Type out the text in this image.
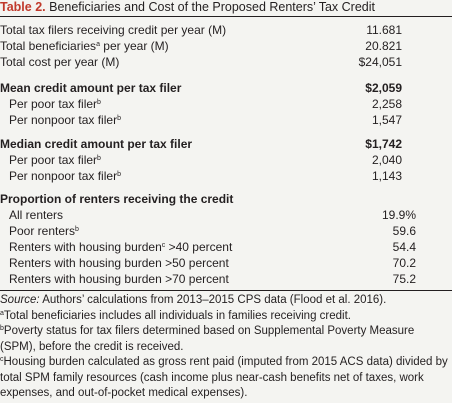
Table 2. Beneficiaries and Cost of the Proposed Renters’ Tax Credit
Total tax filers receiving credit per year (M)	11.681
Total beneficiaries$^a$ per year (M)	20.821
Total cost per year (M)	$24,051
Mean credit amount per tax filer	$2,059
Per poor tax filer$^b$	2,258
Per nonpoor tax filer$^b$	1,547
Median credit amount per tax filer	$1,742
Per poor tax filer$^b$	2,040
Per nonpoor tax filer$^b$	1,143
Proportion of renters receiving the credit
All renters	19.9%
Poor renters$^b$	59.6
Renters with housing burden$^c$ >40 percent	54.4
Renters with housing burden >50 percent	70.2
Renters with housing burden >70 percent	75.2
Source: Authors’ calculations from 2013–2015 CPS data (Flood et al. 2016).
$^a$Total beneficiaries includes all individuals in families receiving credit.
$^b$Poverty status for tax filers determined based on Supplemental Poverty Measure (SPM), before the credit is received.
$^c$Housing burden calculated as gross rent paid (imputed from 2015 ACS data) divided by total SPM family resources (cash income plus near-cash benefits net of taxes, work expenses, and out-of-pocket medical expenses).
